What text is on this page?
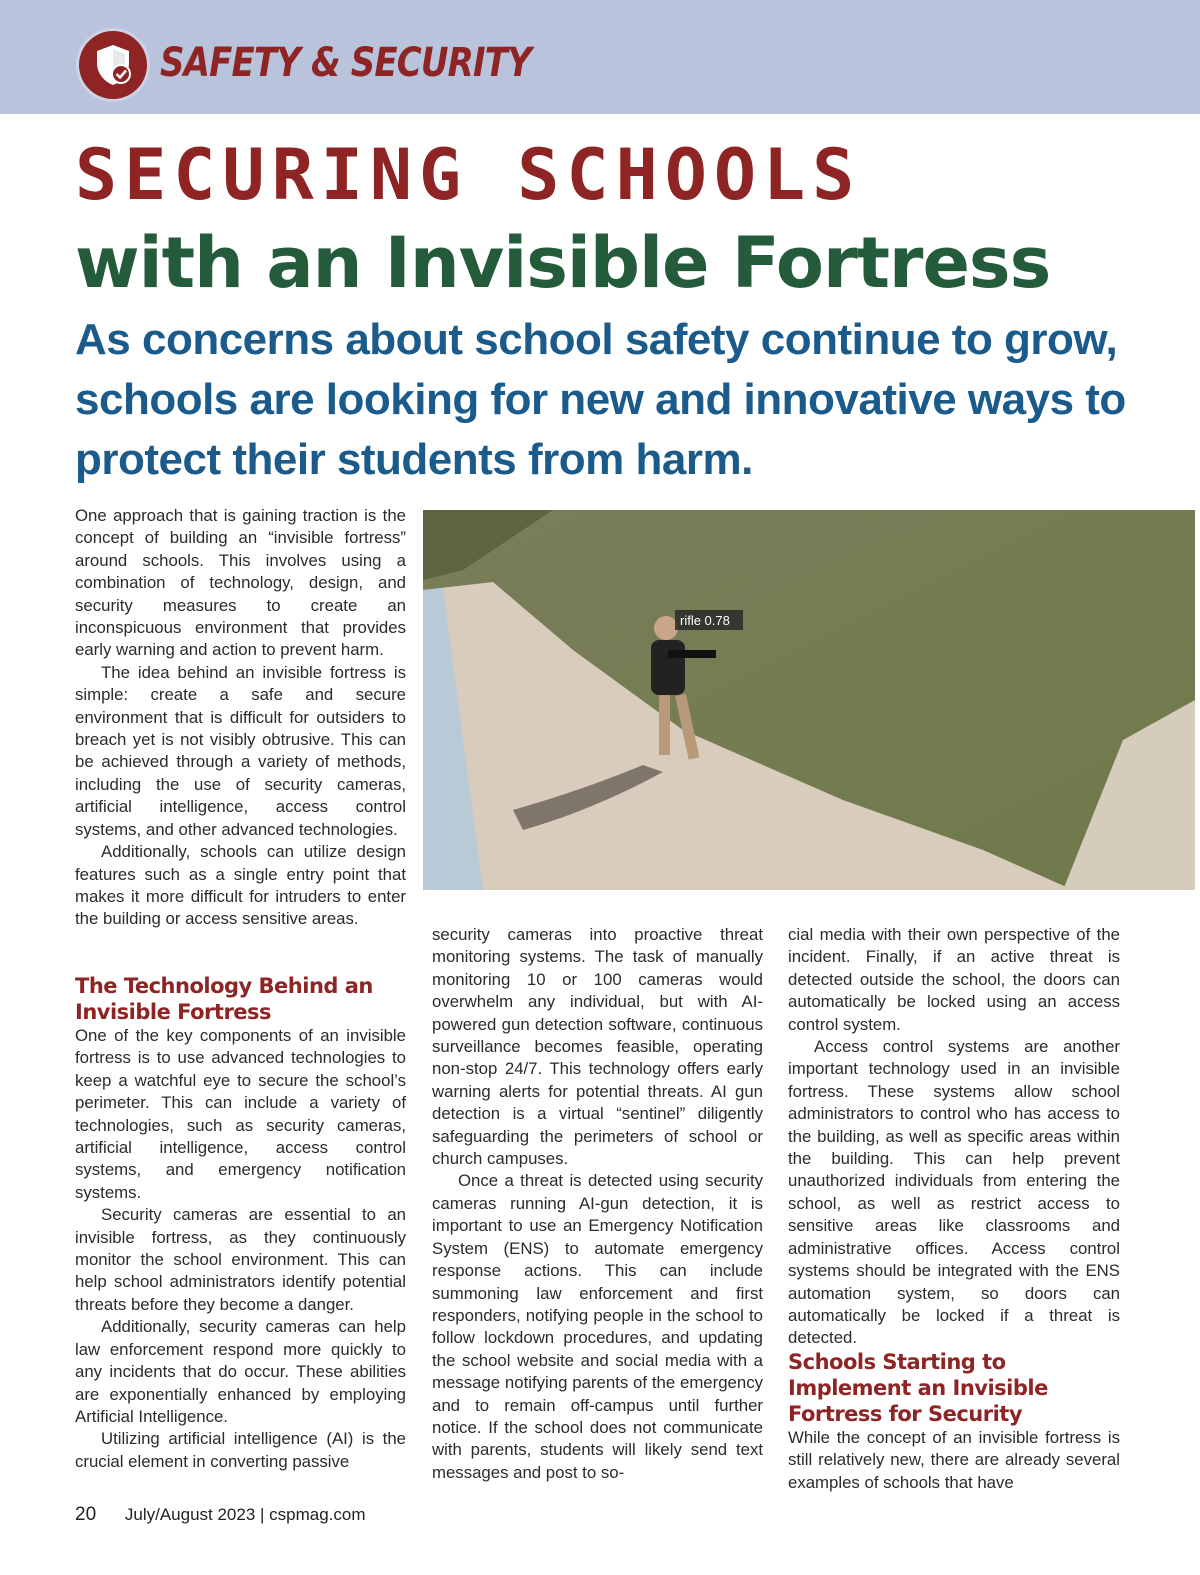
SAFETY & SECURITY
SECURING SCHOOLS
with an Invisible Fortress
As concerns about school safety continue to grow, schools are looking for new and innovative ways to protect their students from harm.
rifle 0.78

One approach that is gaining traction is the concept of building an “invisible fortress” around schools. This involves using a combination of technology, design, and security measures to create an inconspicuous environment that provides early warning and action to prevent harm.

The idea behind an invisible fortress is simple: create a safe and secure environment that is difficult for outsiders to breach yet is not visibly obtrusive. This can be achieved through a variety of methods, including the use of security cameras, artificial intelligence, access control systems, and other advanced technologies.

Additionally, schools can utilize design features such as a single entry point that makes it more difficult for intruders to enter the building or access sensitive areas.

The Technology Behind an Invisible Fortress

One of the key components of an invisible fortress is to use advanced technologies to keep a watchful eye to secure the school’s perimeter. This can include a variety of technologies, such as security cameras, artificial intelligence, access control systems, and emergency notification systems.

Security cameras are essential to an invisible fortress, as they continuously monitor the school environment. This can help school administrators identify potential threats before they become a danger.

Additionally, security cameras can help law enforcement respond more quickly to any incidents that do occur. These abilities are exponentially enhanced by employing Artificial Intelligence.

Utilizing artificial intelligence (AI) is the crucial element in converting passive

security cameras into proactive threat monitoring systems. The task of manually monitoring 10 or 100 cameras would overwhelm any individual, but with AI-powered gun detection software, continuous surveillance becomes feasible, operating non-stop 24/7. This technology offers early warning alerts for potential threats. AI gun detection is a virtual “sentinel” diligently safeguarding the perimeters of school or church campuses.

Once a threat is detected using security cameras running AI-gun detection, it is important to use an Emergency Notification System (ENS) to automate emergency response actions. This can include summoning law enforcement and first responders, notifying people in the school to follow lockdown procedures, and updating the school website and social media with a message notifying parents of the emergency and to remain off-campus until further notice. If the school does not communicate with parents, students will likely send text messages and post to so-

cial media with their own perspective of the incident. Finally, if an active threat is detected outside the school, the doors can automatically be locked using an access control system.

Access control systems are another important technology used in an invisible fortress. These systems allow school administrators to control who has access to the building, as well as specific areas within the building. This can help prevent unauthorized individuals from entering the school, as well as restrict access to sensitive areas like classrooms and administrative offices. Access control systems should be integrated with the ENS automation system, so doors can automatically be locked if a threat is detected.

Schools Starting to Implement an Invisible Fortress for Security

While the concept of an invisible fortress is still relatively new, there are already several examples of schools that have

20 July/August 2023 | cspmag.com
